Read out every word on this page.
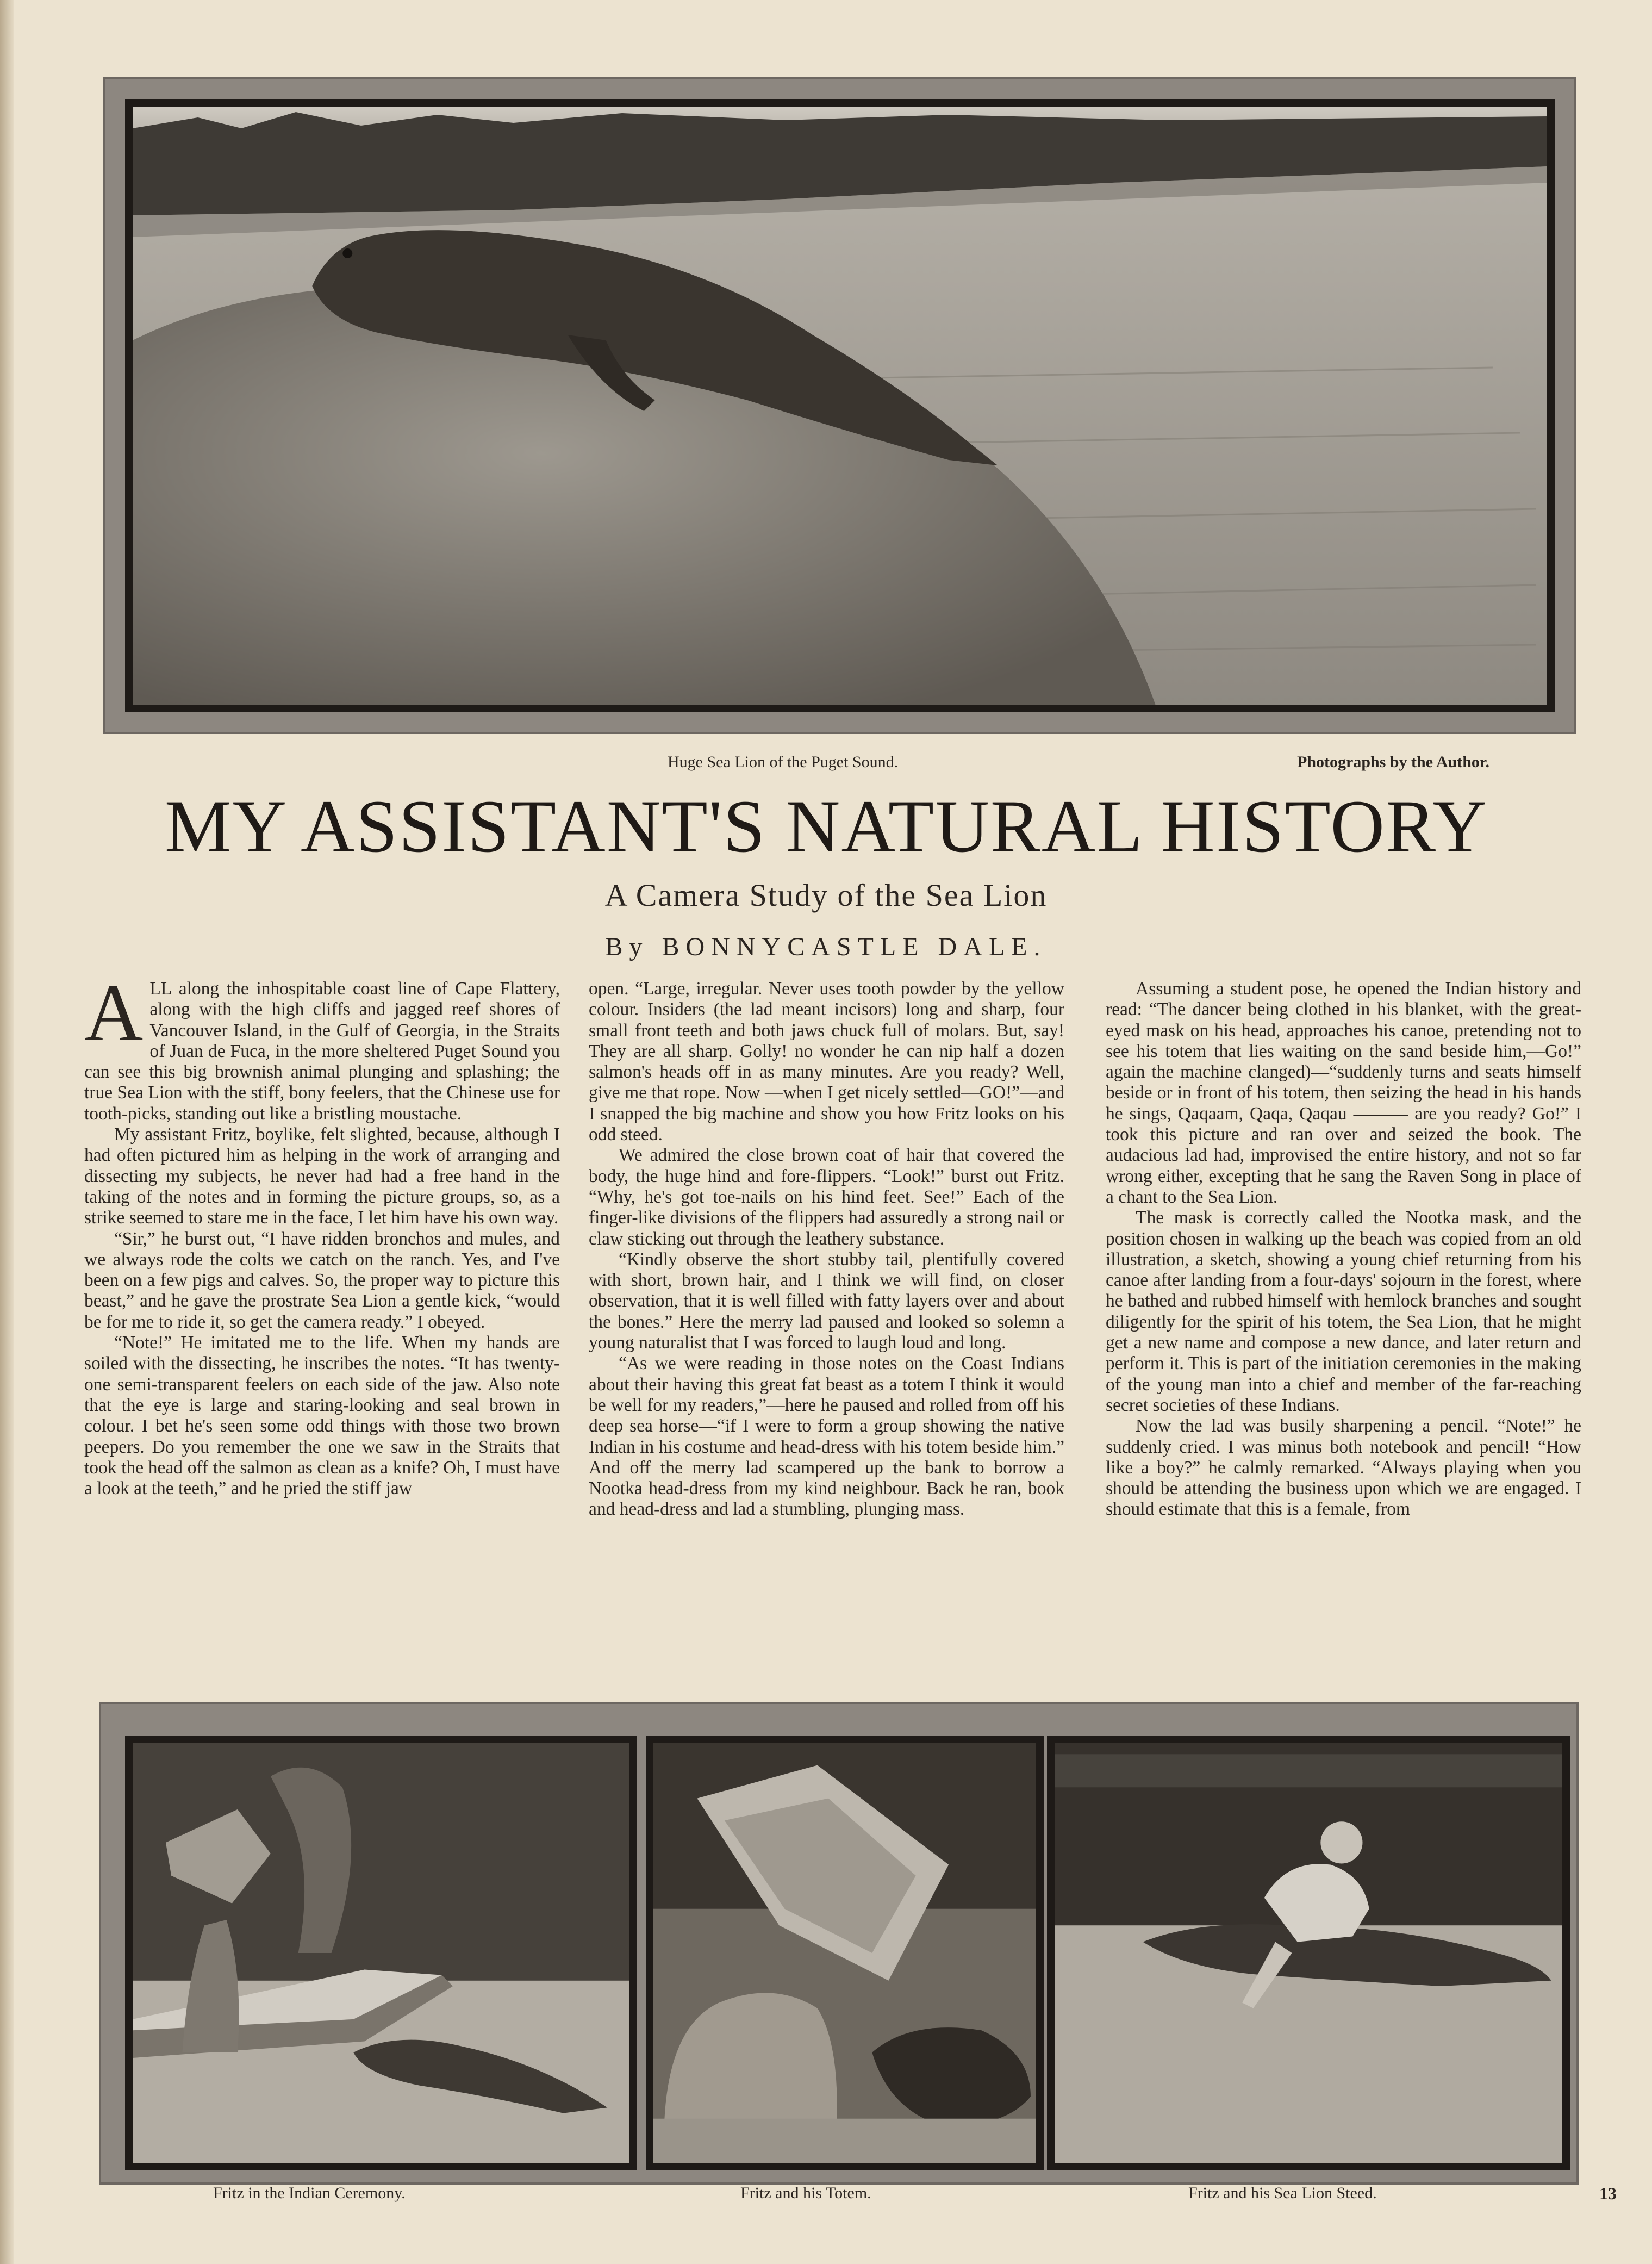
Huge Sea Lion of the Puget Sound.	Photographs by the Author.
MY ASSISTANT'S NATURAL HISTORY
A Camera Study of the Sea Lion
By BONNYCASTLE DALE.

ALL along the inhospitable coast line of Cape Flattery, along with the high cliffs and jagged reef shores of Vancouver Island, in the Gulf of Georgia, in the Straits of Juan de Fuca, in the more sheltered Puget Sound you can see this big brownish animal plunging and splashing; the true Sea Lion with the stiff, bony feelers, that the Chinese use for tooth-picks, standing out like a bristling moustache.

My assistant Fritz, boylike, felt slighted, because, although I had often pictured him as helping in the work of arranging and dissecting my subjects, he never had had a free hand in the taking of the notes and in forming the picture groups, so, as a strike seemed to stare me in the face, I let him have his own way.

“Sir,” he burst out, “I have ridden bronchos and mules, and we always rode the colts we catch on the ranch. Yes, and I've been on a few pigs and calves. So, the proper way to picture this beast,” and he gave the prostrate Sea Lion a gentle kick, “would be for me to ride it, so get the camera ready.” I obeyed.

“Note!” He imitated me to the life. When my hands are soiled with the dissecting, he inscribes the notes. “It has twenty-one semi-transparent feelers on each side of the jaw. Also note that the eye is large and staring-looking and seal brown in colour. I bet he's seen some odd things with those two brown peepers. Do you remember the one we saw in the Straits that took the head off the salmon as clean as a knife? Oh, I must have a look at the teeth,” and he pried the stiff jaw

open. “Large, irregular. Never uses tooth powder by the yellow colour. Insiders (the lad meant incisors) long and sharp, four small front teeth and both jaws chuck full of molars. But, say! They are all sharp. Golly! no wonder he can nip half a dozen salmon's heads off in as many minutes. Are you ready? Well, give me that rope. Now —when I get nicely settled—GO!”—and I snapped the big machine and show you how Fritz looks on his odd steed.

We admired the close brown coat of hair that covered the body, the huge hind and fore-flippers. “Look!” burst out Fritz. “Why, he's got toe-nails on his hind feet. See!” Each of the finger-like divisions of the flippers had assuredly a strong nail or claw sticking out through the leathery substance.

“Kindly observe the short stubby tail, plentifully covered with short, brown hair, and I think we will find, on closer observation, that it is well filled with fatty layers over and about the bones.” Here the merry lad paused and looked so solemn a young naturalist that I was forced to laugh loud and long.

“As we were reading in those notes on the Coast Indians about their having this great fat beast as a totem I think it would be well for my readers,”—here he paused and rolled from off his deep sea horse—“if I were to form a group showing the native Indian in his costume and head-dress with his totem beside him.” And off the merry lad scampered up the bank to borrow a Nootka head-dress from my kind neighbour. Back he ran, book and head-dress and lad a stumbling, plunging mass.

Assuming a student pose, he opened the Indian history and read: “The dancer being clothed in his blanket, with the great-eyed mask on his head, approaches his canoe, pretending not to see his totem that lies waiting on the sand beside him,—Go!” again the machine clanged)—“suddenly turns and seats himself beside or in front of his totem, then seizing the head in his hands he sings, Qaqaam, Qaqa, Qaqau ——— are you ready? Go!” I took this picture and ran over and seized the book. The audacious lad had, improvised the entire history, and not so far wrong either, excepting that he sang the Raven Song in place of a chant to the Sea Lion.

The mask is correctly called the Nootka mask, and the position chosen in walking up the beach was copied from an old illustration, a sketch, showing a young chief returning from his canoe after landing from a four-days' sojourn in the forest, where he bathed and rubbed himself with hemlock branches and sought diligently for the spirit of his totem, the Sea Lion, that he might get a new name and compose a new dance, and later return and perform it. This is part of the initiation ceremonies in the making of the young man into a chief and member of the far-reaching secret societies of these Indians.

Now the lad was busily sharpening a pencil. “Note!” he suddenly cried. I was minus both notebook and pencil! “How like a boy?” he calmly remarked. “Always playing when you should be attending the business upon which we are engaged. I should estimate that this is a female, from

Fritz in the Indian Ceremony.	Fritz and his Totem.	Fritz and his Sea Lion Steed.	13
